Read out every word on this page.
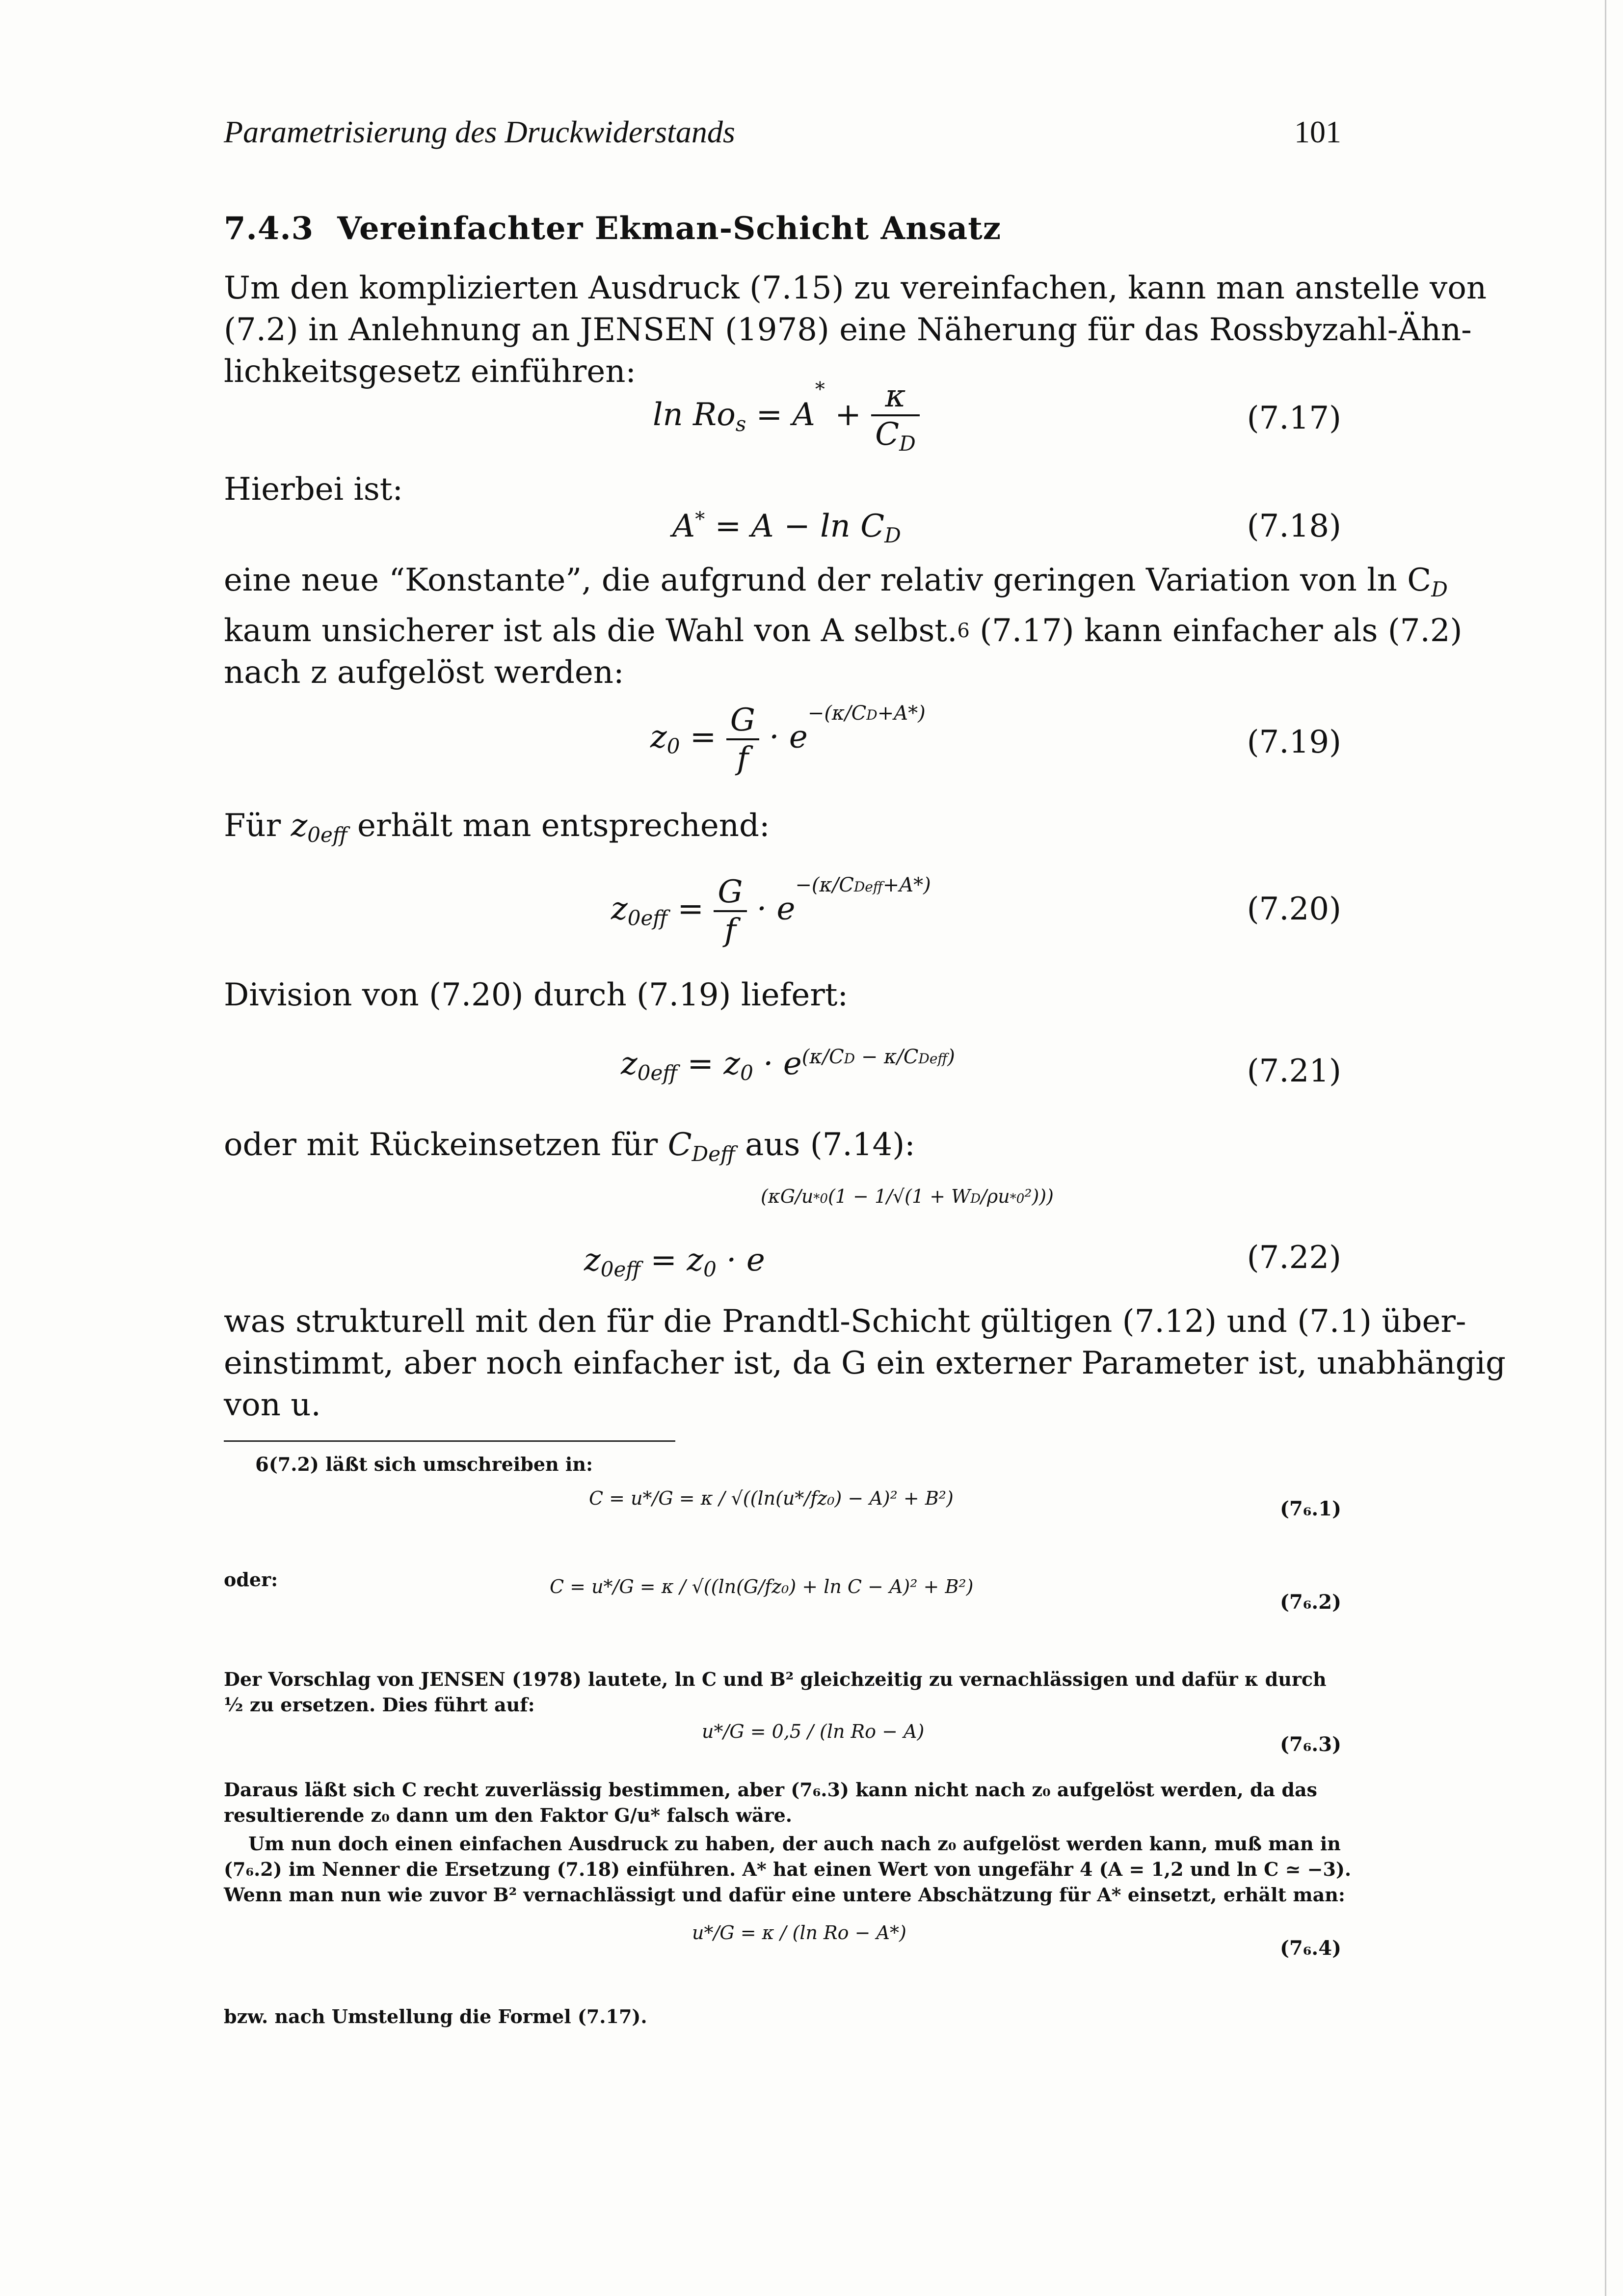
Parametrisierung des Druckwiderstands	101
7.4.3 Vereinfachter Ekman-Schicht Ansatz
Um den komplizierten Ausdruck (7.15) zu vereinfachen, kann man anstelle von
(7.2) in Anlehnung an JENSEN (1978) eine Näherung für das Rossbyzahl-Ähn-
lichkeitsgesetz einführen:
$\ln Ro_s = A^* + \frac{\kappa}{C_D}$	(7.17)
Hierbei ist:
$A^* = A - \ln C_D$	(7.18)
eine neue “Konstante”, die aufgrund der relativ geringen Variation von $\ln C_D$
kaum unsicherer ist als die Wahl von A selbst.$^6$ (7.17) kann einfacher als (7.2)
nach z aufgelöst werden:
$z_0 = \frac{G}{f} \cdot e^{-(\kappa/CD+A*)}$
(7.19)
Für $z_{0eff}$ erhält man entsprechend:
$z_{0eff} = \frac{G}{f} \cdot e^{-(\kappa/CDeff+A*)}$
(7.20)
Division von (7.20) durch (7.19) liefert:
$z_{0eff} = z_0 \cdot e^{(\kappa/CD - \kappa/CDeff)}$	(7.21)
oder mit Rückeinsetzen für $C_{Deff}$ aus (7.14):
$z_{0eff} = z_0 \cdot e$
(κG/u*0(1 − 1/√(1 + WD/ρu*0²)))
(7.22)
was strukturell mit den für die Prandtl-Schicht gültigen (7.12) und (7.1) über-
einstimmt, aber noch einfacher ist, da G ein externer Parameter ist, unabhängig
von u.
6(7.2) läßt sich umschreiben in:
C = u*/G = κ / √((ln(u*/fz₀) − A)² + B²)	(7₆.1)
oder:	C = u*/G = κ / √((ln(G/fz₀) + ln C − A)² + B²)
(7₆.2)
Der Vorschlag von JENSEN (1978) lautete, ln C und B² gleichzeitig zu vernachlässigen und dafür κ durch
½ zu ersetzen. Dies führt auf:
u*/G = 0,5 / (ln Ro − A)
(7₆.3)
Daraus läßt sich C recht zuverlässig bestimmen, aber (7₆.3) kann nicht nach z₀ aufgelöst werden, da das
resultierende z₀ dann um den Faktor G/u* falsch wäre.
Um nun doch einen einfachen Ausdruck zu haben, der auch nach z₀ aufgelöst werden kann, muß man in
(7₆.2) im Nenner die Ersetzung (7.18) einführen. A* hat einen Wert von ungefähr 4 (A = 1,2 und ln C ≃ −3).
Wenn man nun wie zuvor B² vernachlässigt und dafür eine untere Abschätzung für A* einsetzt, erhält man:
u*/G = κ / (ln Ro − A*)
(7₆.4)
bzw. nach Umstellung die Formel (7.17).
